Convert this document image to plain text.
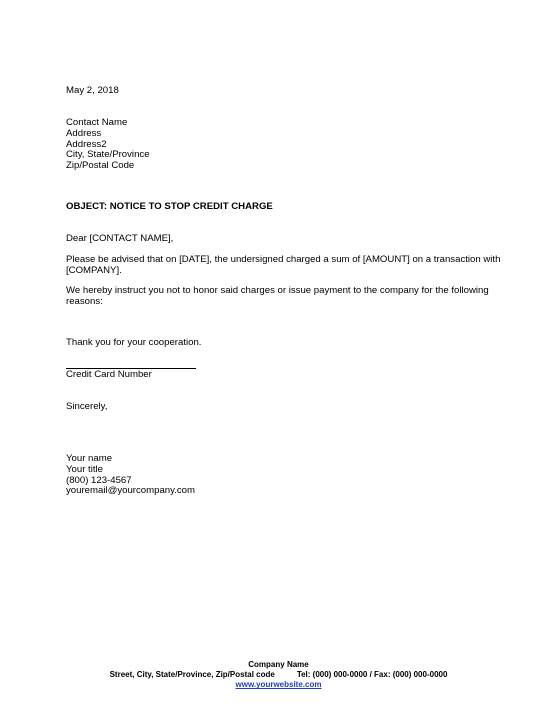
May 2, 2018
Contact Name
Address
Address2
City, State/Province
Zip/Postal Code
OBJECT: NOTICE TO STOP CREDIT CHARGE
Dear [CONTACT NAME],
Please be advised that on [DATE], the undersigned charged a sum of [AMOUNT] on a transaction with
[COMPANY].
We hereby instruct you not to honor said charges or issue payment to the company for the following
reasons:
Thank you for your cooperation.
Credit Card Number
Sincerely,
Your name
Your title
(800) 123-4567
youremail@yourcompany.com
Company Name
Street, City, State/Province, Zip/Postal code	Tel: (000) 000-0000 / Fax: (000) 000-0000
www.yourwebsite.com
